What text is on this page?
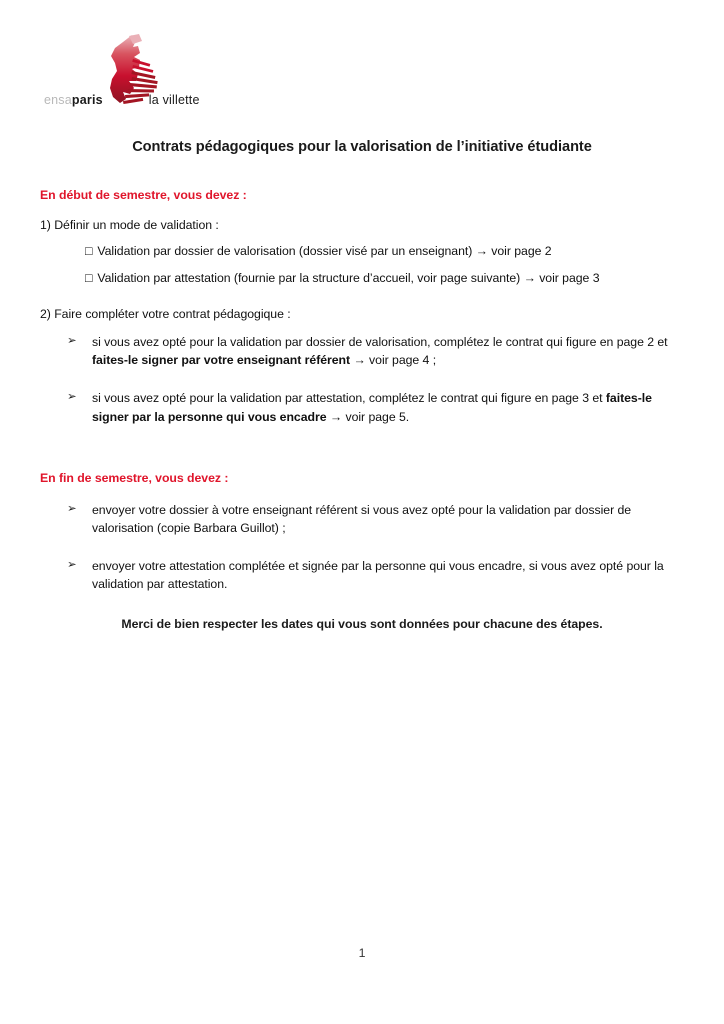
ensaparis	la villette
Contrats pédagogiques pour la valorisation de l’initiative étudiante

En début de semestre, vous devez :

1) Définir un mode de validation :

□ Validation par dossier de valorisation (dossier visé par un enseignant) → voir page 2

□ Validation par attestation (fournie par la structure d’accueil, voir page suivante) → voir page 3

2) Faire compléter votre contrat pédagogique :

➢ si vous avez opté pour la validation par dossier de valorisation, complétez le contrat qui figure en page 2 et faites-le signer par votre enseignant référent → voir page 4 ;
➢ si vous avez opté pour la validation par attestation, complétez le contrat qui figure en page 3 et faites-le signer par la personne qui vous encadre → voir page 5.

En fin de semestre, vous devez :

➢ envoyer votre dossier à votre enseignant référent si vous avez opté pour la validation par dossier de valorisation (copie Barbara Guillot) ;
➢ envoyer votre attestation complétée et signée par la personne qui vous encadre, si vous avez opté pour la validation par attestation.
Merci de bien respecter les dates qui vous sont données pour chacune des étapes.
1
